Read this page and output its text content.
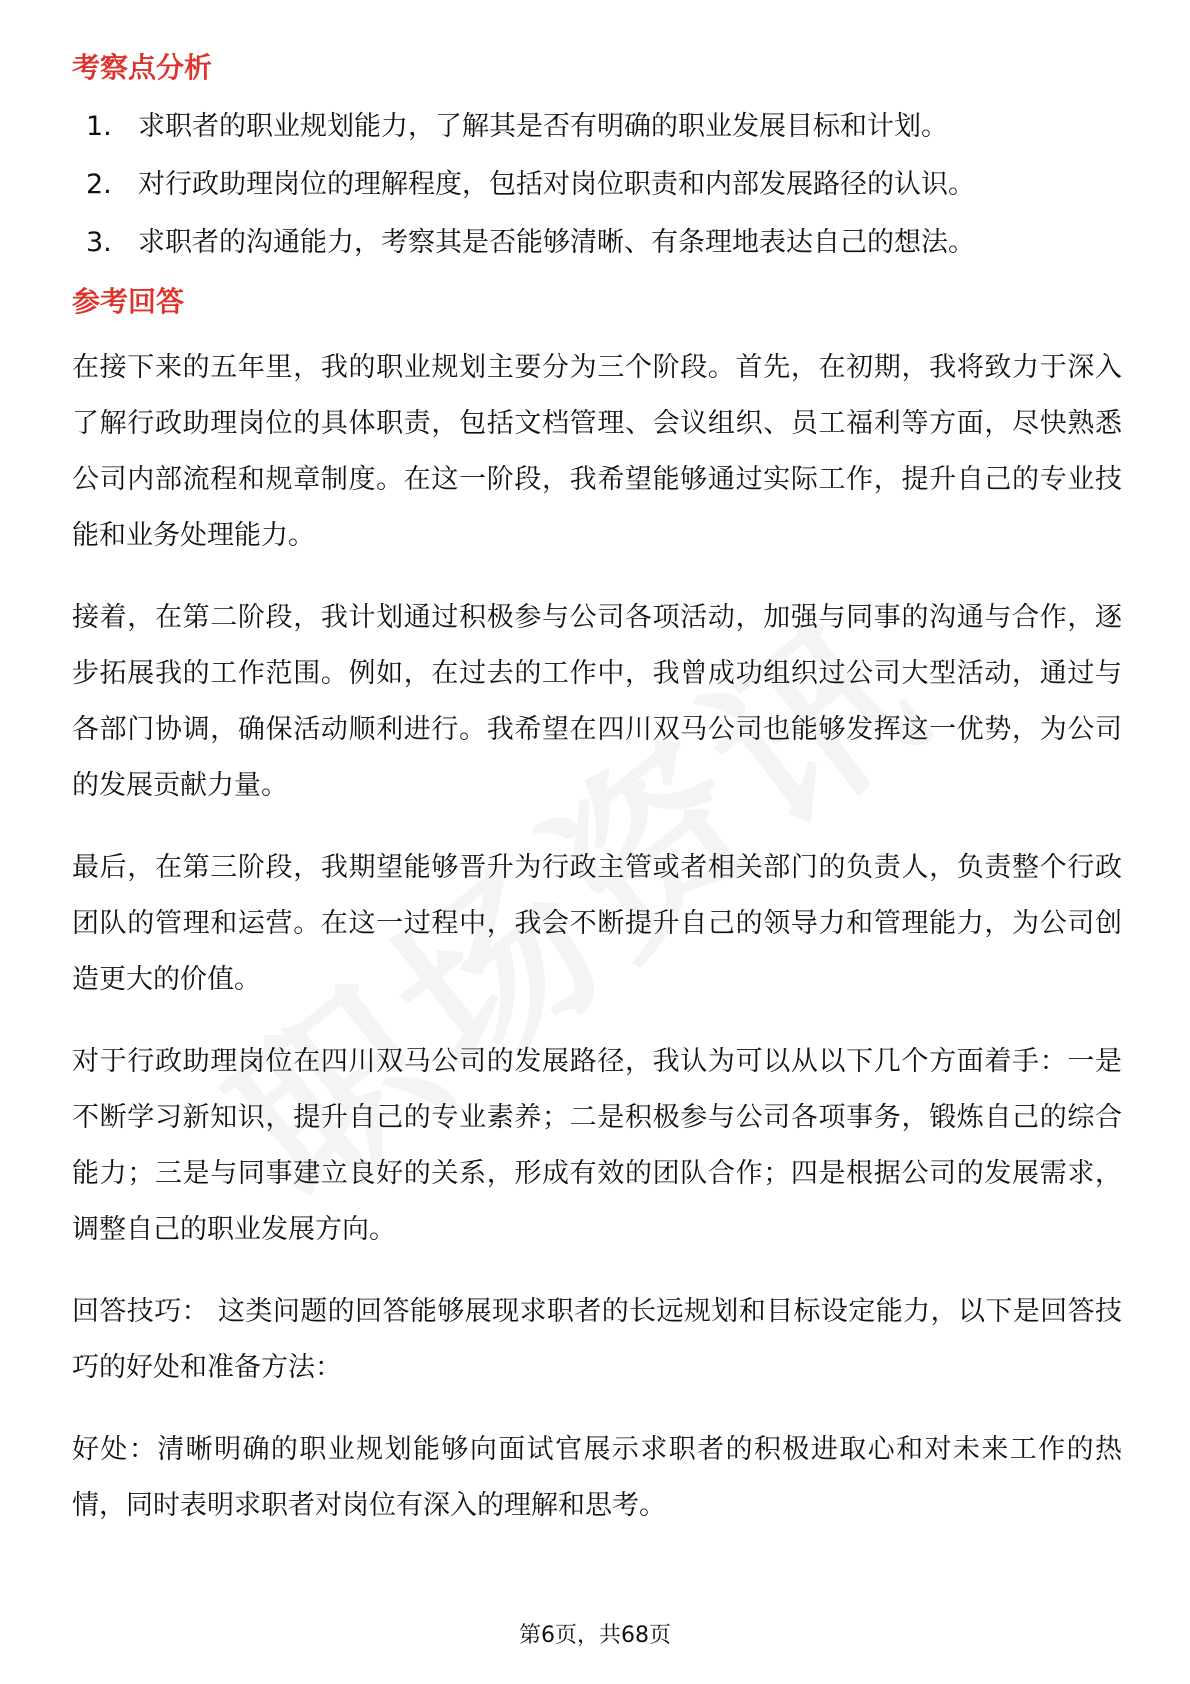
考察点分析
1. 求职者的职业规划能力，了解其是否有明确的职业发展目标和计划。
2. 对行政助理岗位的理解程度，包括对岗位职责和内部发展路径的认识。
3. 求职者的沟通能力，考察其是否能够清晰、有条理地表达自己的想法。
参考回答

在接下来的五年里，我的职业规划主要分为三个阶段。首先，在初期，我将致力于深入了解行政助理岗位的具体职责，包括文档管理、会议组织、员工福利等方面，尽快熟悉公司内部流程和规章制度。在这一阶段，我希望能够通过实际工作，提升自己的专业技能和业务处理能力。

接着，在第二阶段，我计划通过积极参与公司各项活动，加强与同事的沟通与合作，逐步拓展我的工作范围。例如，在过去的工作中，我曾成功组织过公司大型活动，通过与各部门协调，确保活动顺利进行。我希望在四川双马公司也能够发挥这一优势，为公司的发展贡献力量。

最后，在第三阶段，我期望能够晋升为行政主管或者相关部门的负责人，负责整个行政团队的管理和运营。在这一过程中，我会不断提升自己的领导力和管理能力，为公司创造更大的价值。

对于行政助理岗位在四川双马公司的发展路径，我认为可以从以下几个方面着手：一是不断学习新知识，提升自己的专业素养；二是积极参与公司各项事务，锻炼自己的综合能力；三是与同事建立良好的关系，形成有效的团队合作；四是根据公司的发展需求，调整自己的职业发展方向。

回答技巧： 这类问题的回答能够展现求职者的长远规划和目标设定能力，以下是回答技巧的好处和准备方法：

好处：清晰明确的职业规划能够向面试官展示求职者的积极进取心和对未来工作的热情，同时表明求职者对岗位有深入的理解和思考。

第6页，共68页
